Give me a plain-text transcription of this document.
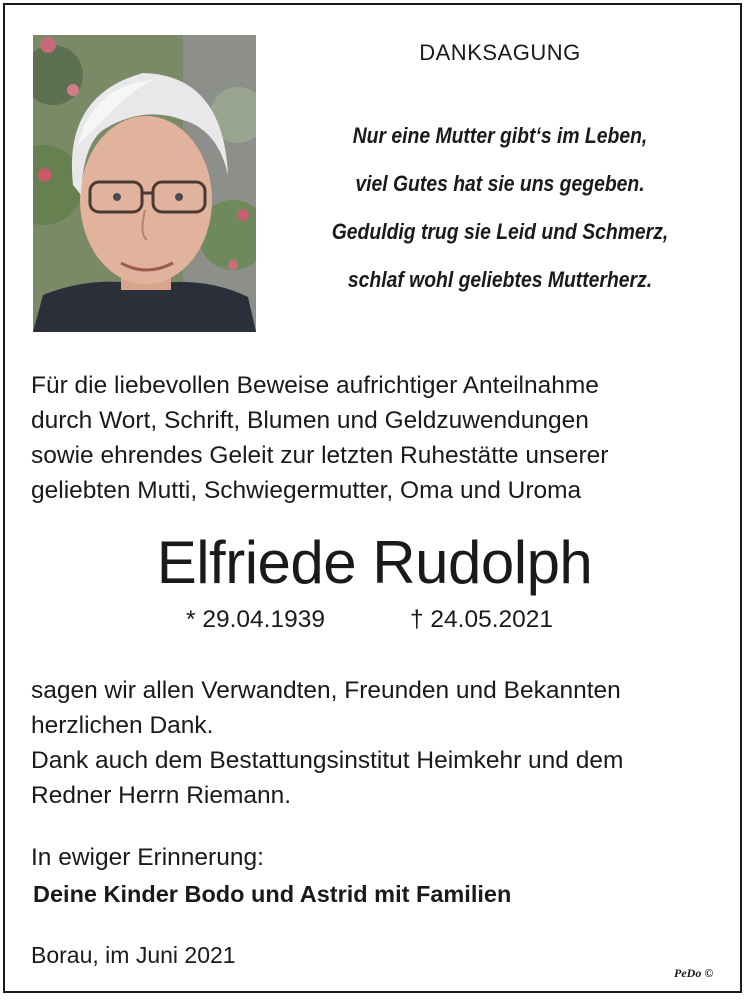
DANKSAGUNG
Nur eine Mutter gibt‘s im Leben,
viel Gutes hat sie uns gegeben.
Geduldig trug sie Leid und Schmerz,
schlaf wohl geliebtes Mutterherz.
Für die liebevollen Beweise aufrichtiger Anteilnahme
durch Wort, Schrift, Blumen und Geldzuwendungen
sowie ehrendes Geleit zur letzten Ruhestätte unserer
geliebten Mutti, Schwiegermutter, Oma und Uroma
Elfriede Rudolph
* 29.04.1939	† 24.05.2021
sagen wir allen Verwandten, Freunden und Bekannten
herzlichen Dank.
Dank auch dem Bestattungsinstitut Heimkehr und dem
Redner Herrn Riemann.
In ewiger Erinnerung:
Deine Kinder Bodo und Astrid mit Familien
Borau, im Juni 2021
PeDo ©
